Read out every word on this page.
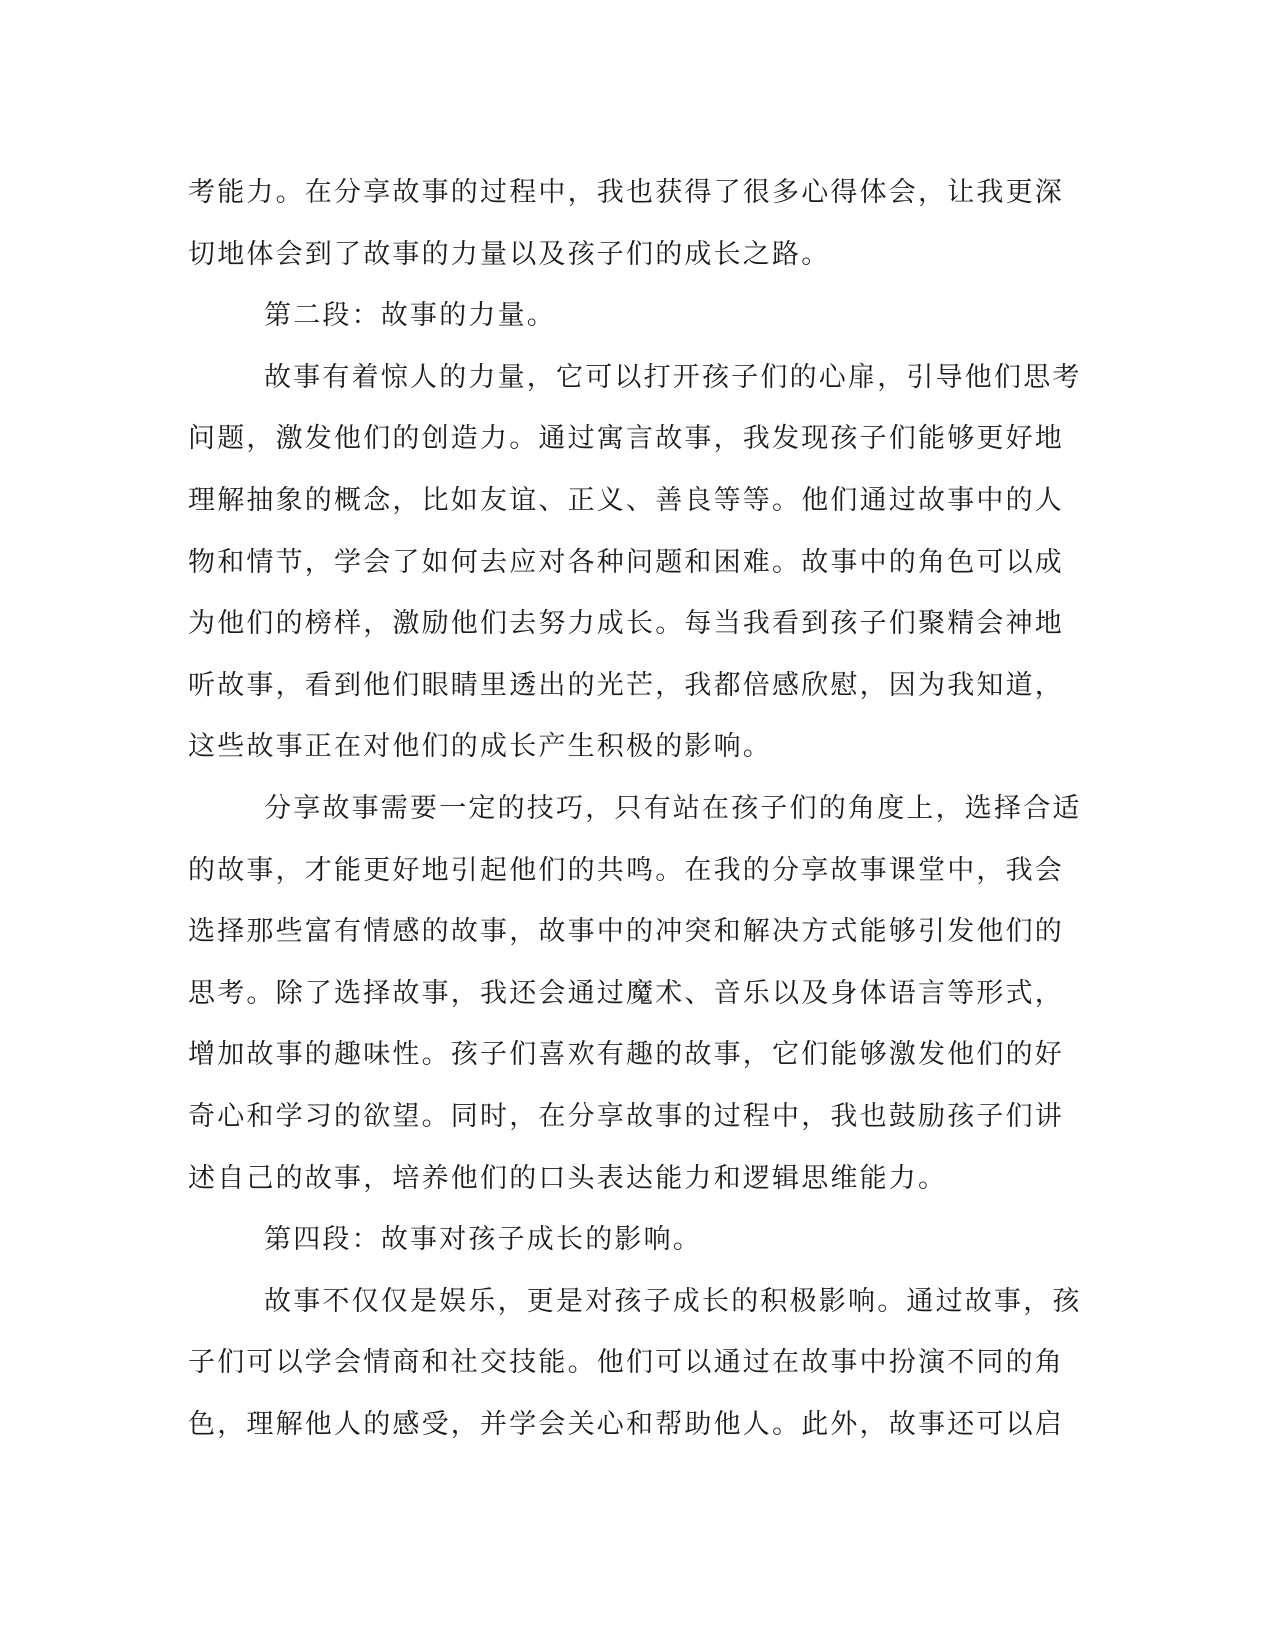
考能力。在分享故事的过程中，我也获得了很多心得体会，让我更深
切地体会到了故事的力量以及孩子们的成长之路。
第二段：故事的力量。
故事有着惊人的力量，它可以打开孩子们的心扉，引导他们思考
问题，激发他们的创造力。通过寓言故事，我发现孩子们能够更好地
理解抽象的概念，比如友谊、正义、善良等等。他们通过故事中的人
物和情节，学会了如何去应对各种问题和困难。故事中的角色可以成
为他们的榜样，激励他们去努力成长。每当我看到孩子们聚精会神地
听故事，看到他们眼睛里透出的光芒，我都倍感欣慰，因为我知道，
这些故事正在对他们的成长产生积极的影响。
分享故事需要一定的技巧，只有站在孩子们的角度上，选择合适
的故事，才能更好地引起他们的共鸣。在我的分享故事课堂中，我会
选择那些富有情感的故事，故事中的冲突和解决方式能够引发他们的
思考。除了选择故事，我还会通过魔术、音乐以及身体语言等形式，
增加故事的趣味性。孩子们喜欢有趣的故事，它们能够激发他们的好
奇心和学习的欲望。同时，在分享故事的过程中，我也鼓励孩子们讲
述自己的故事，培养他们的口头表达能力和逻辑思维能力。
第四段：故事对孩子成长的影响。
故事不仅仅是娱乐，更是对孩子成长的积极影响。通过故事，孩
子们可以学会情商和社交技能。他们可以通过在故事中扮演不同的角
色，理解他人的感受，并学会关心和帮助他人。此外，故事还可以启
